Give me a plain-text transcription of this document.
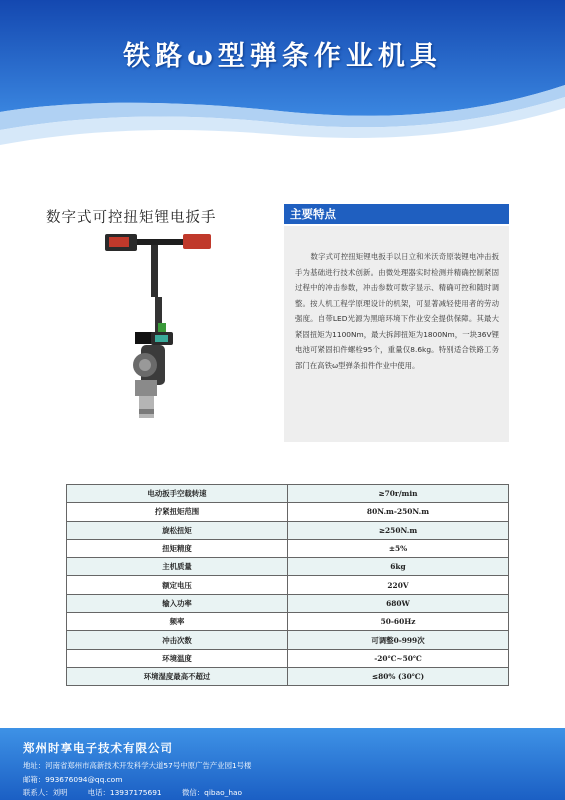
铁路ω型弹条作业机具
数字式可控扭矩锂电扳手	主要特点

数字式可控扭矩锂电扳手以日立和米沃奇原装锂电冲击扳手为基础进行技术创新。由微处理器实时检测并精确控制紧固过程中的冲击参数，冲击参数可数字显示、精确可控和随时调整。按人机工程学原理设计的机架，可显著减轻使用者的劳动强度。自带LED光源为黑暗环境下作业安全提供保障。其最大紧固扭矩为1100Nm，最大拆卸扭矩为1800Nm，一块36V锂电池可紧固扣件螺栓95个，重量仅8.6kg。特别适合铁路工务部门在高铁ω型弹条扣件作业中使用。

电动扳手空载转速	≥70r/min
拧紧扭矩范围	80N.m-250N.m
旋松扭矩	≥250N.m
扭矩精度	±5%
主机质量	6kg
额定电压	220V
输入功率	680W
频率	50-60Hz
冲击次数	可调整0-999次
环境温度	-20℃~50℃
环境湿度最高不超过	≤80% (30℃)
郑州时享电子技术有限公司
地址：河南省郑州市高新技术开发科学大道57号中原广告产业园1号楼
邮箱：993676094@qq.com
联系人：刘明	电话：13937175691	微信：qibao_hao
